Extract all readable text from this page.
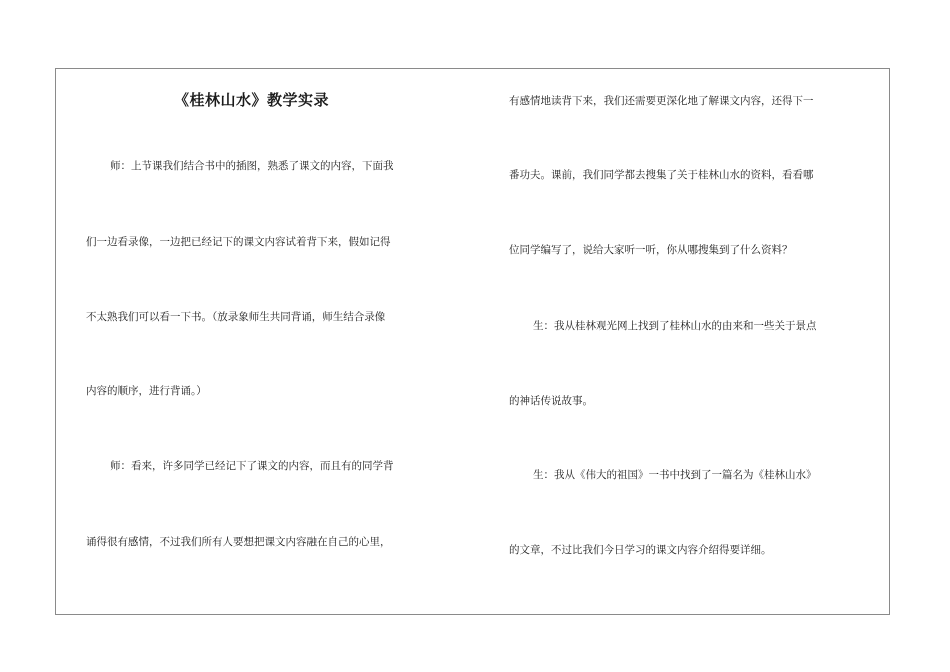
《桂林山水》教学实录

师：上节课我们结合书中的插图，熟悉了课文的内容，下面我

们一边看录像，一边把已经记下的课文内容试着背下来，假如记得

不太熟我们可以看一下书。（放录象师生共同背诵，师生结合录像

内容的顺序，进行背诵。）

师：看来，许多同学已经记下了课文的内容，而且有的同学背

诵得很有感情，不过我们所有人要想把课文内容融在自己的心里，

有感情地读背下来，我们还需要更深化地了解课文内容，还得下一

番功夫。课前，我们同学都去搜集了关于桂林山水的资料，看看哪

位同学编写了，说给大家听一听，你从哪搜集到了什么资料？

生：我从桂林观光网上找到了桂林山水的由来和一些关于景点

的神话传说故事。

生：我从《伟大的祖国》一书中找到了一篇名为《桂林山水》

的文章，不过比我们今日学习的课文内容介绍得要详细。
